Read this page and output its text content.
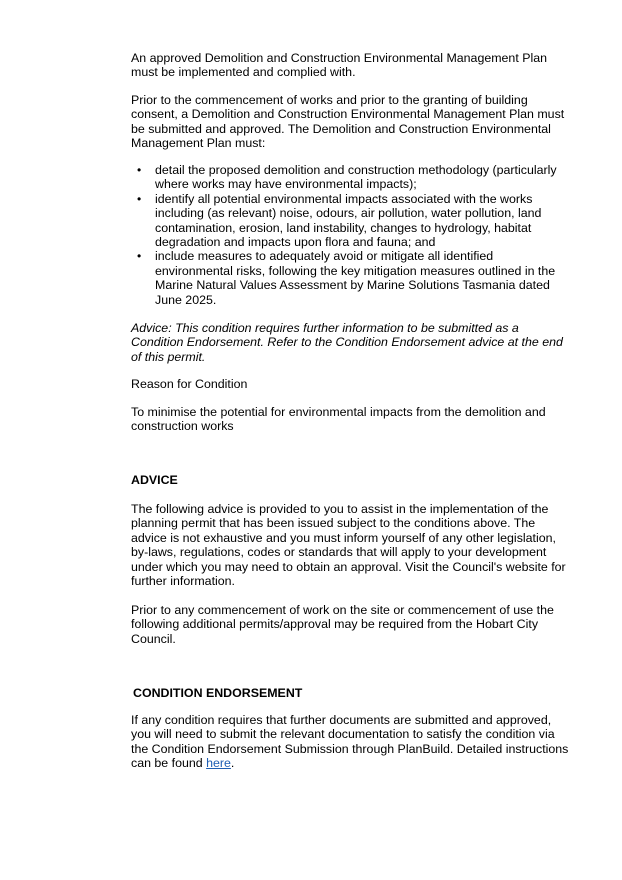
An approved Demolition and Construction Environmental Management Plan must be implemented and complied with.

Prior to the commencement of works and prior to the granting of building consent, a Demolition and Construction Environmental Management Plan must be submitted and approved. The Demolition and Construction Environmental Management Plan must:

• detail the proposed demolition and construction methodology (particularly where works may have environmental impacts);
• identify all potential environmental impacts associated with the works including (as relevant) noise, odours, air pollution, water pollution, land contamination, erosion, land instability, changes to hydrology, habitat degradation and impacts upon flora and fauna; and
• include measures to adequately avoid or mitigate all identified environmental risks, following the key mitigation measures outlined in the Marine Natural Values Assessment by Marine Solutions Tasmania dated June 2025.

Advice: This condition requires further information to be submitted as a Condition Endorsement. Refer to the Condition Endorsement advice at the end of this permit.

Reason for Condition

To minimise the potential for environmental impacts from the demolition and construction works

ADVICE

The following advice is provided to you to assist in the implementation of the planning permit that has been issued subject to the conditions above. The advice is not exhaustive and you must inform yourself of any other legislation, by-laws, regulations, codes or standards that will apply to your development under which you may need to obtain an approval. Visit the Council's website for further information.

Prior to any commencement of work on the site or commencement of use the following additional permits/approval may be required from the Hobart City Council.

CONDITION ENDORSEMENT

If any condition requires that further documents are submitted and approved, you will need to submit the relevant documentation to satisfy the condition via the Condition Endorsement Submission through PlanBuild. Detailed instructions can be found here.
